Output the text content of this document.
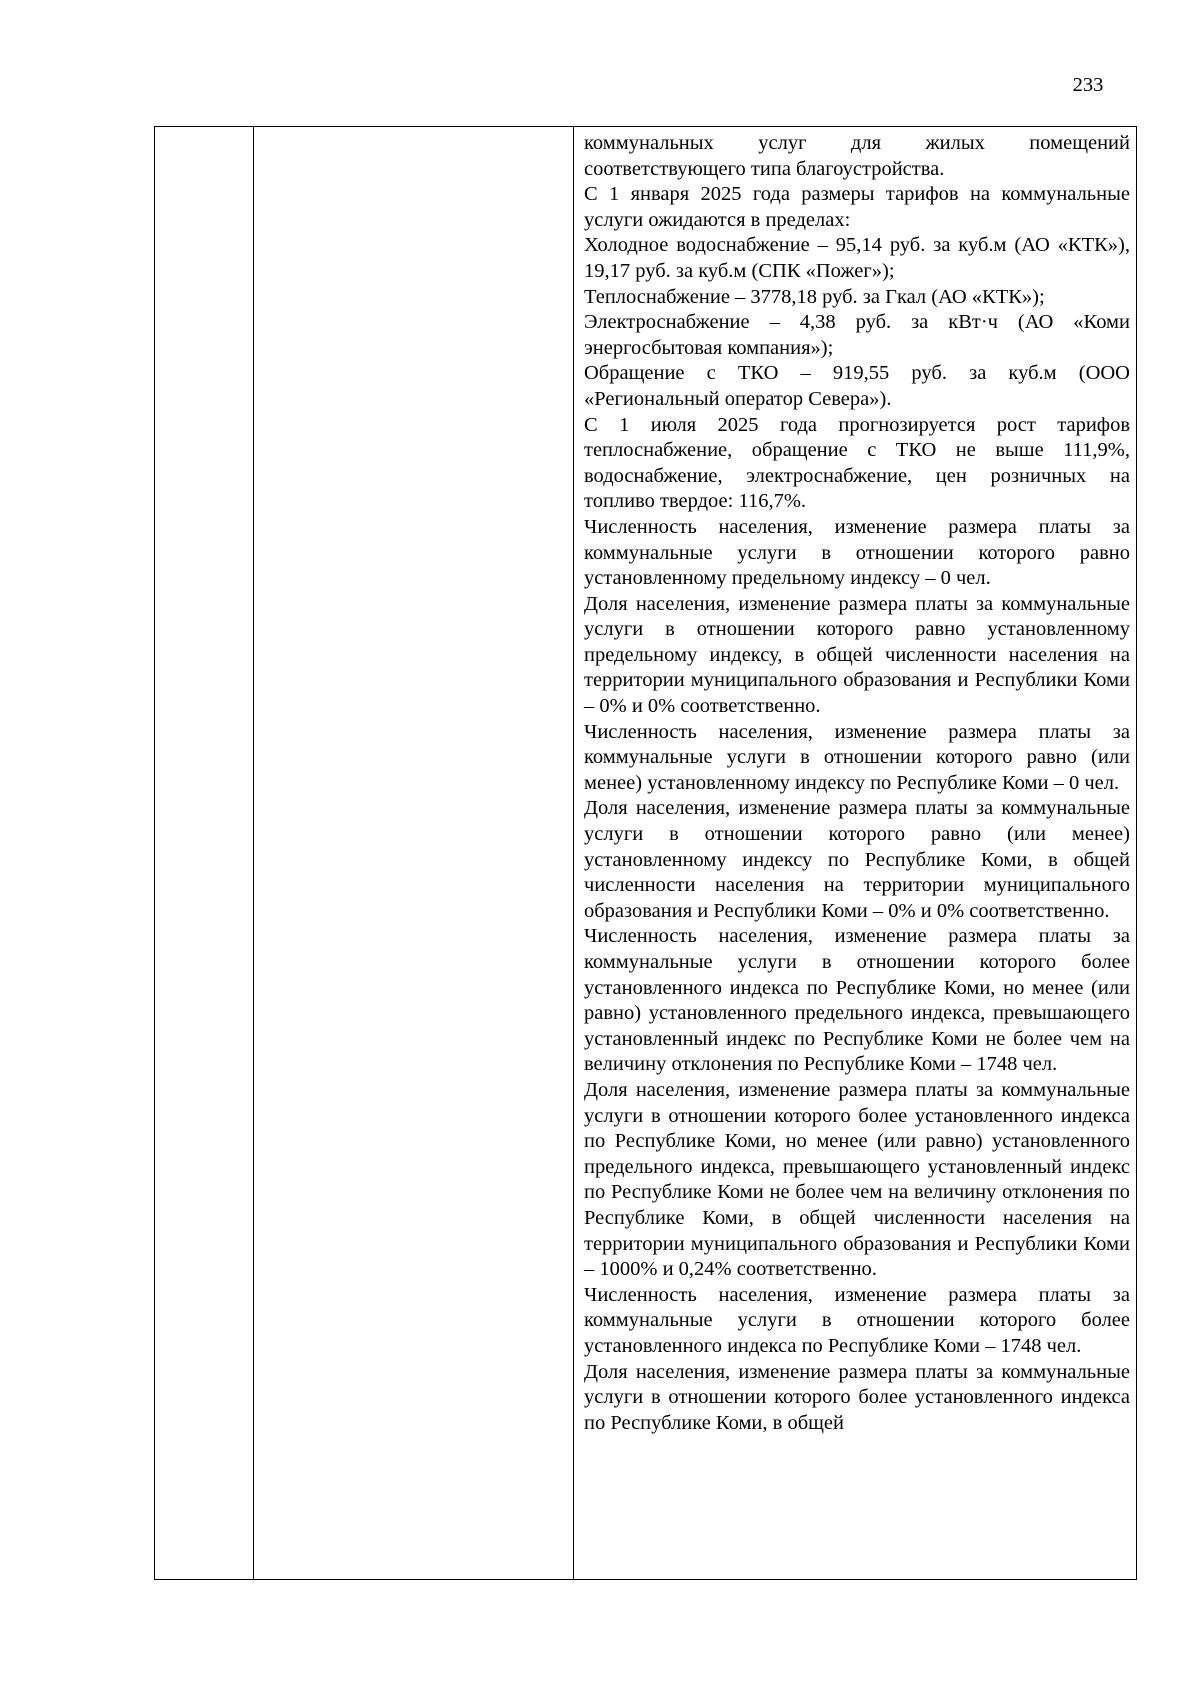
233

коммунальных услуг для жилых помещений соответствующего типа благоустройства.

С 1 января 2025 года размеры тарифов на коммунальные услуги ожидаются в пределах:

Холодное водоснабжение – 95,14 руб. за куб.м (АО «КТК»), 19,17 руб. за куб.м (СПК «Пожег»);

Теплоснабжение – 3778,18 руб. за Гкал (АО «КТК»);

Электроснабжение – 4,38 руб. за кВт·ч (АО «Коми энергосбытовая компания»);

Обращение с ТКО – 919,55 руб. за куб.м (ООО «Региональный оператор Севера»).

С 1 июля 2025 года прогнозируется рост тарифов теплоснабжение, обращение с ТКО не выше 111,9%, водоснабжение, электроснабжение, цен розничных на топливо твердое: 116,7%.

Численность населения, изменение размера платы за коммунальные услуги в отношении которого равно установленному предельному индексу – 0 чел.

Доля населения, изменение размера платы за коммунальные услуги в отношении которого равно установленному предельному индексу, в общей численности населения на территории муниципального образования и Республики Коми – 0% и 0% соответственно.

Численность населения, изменение размера платы за коммунальные услуги в отношении которого равно (или менее) установленному индексу по Республике Коми – 0 чел.

Доля населения, изменение размера платы за коммунальные услуги в отношении которого равно (или менее) установленному индексу по Республике Коми, в общей численности населения на территории муниципального образования и Республики Коми – 0% и 0% соответственно.

Численность населения, изменение размера платы за коммунальные услуги в отношении которого более установленного индекса по Республике Коми, но менее (или равно) установленного предельного индекса, превышающего установленный индекс по Республике Коми не более чем на величину отклонения по Республике Коми – 1748 чел.

Доля населения, изменение размера платы за коммунальные услуги в отношении которого более установленного индекса по Республике Коми, но менее (или равно) установленного предельного индекса, превышающего установленный индекс по Республике Коми не более чем на величину отклонения по Республике Коми, в общей численности населения на территории муниципального образования и Республики Коми – 1000% и 0,24% соответственно.

Численность населения, изменение размера платы за коммунальные услуги в отношении которого более установленного индекса по Республике Коми – 1748 чел.

Доля населения, изменение размера платы за коммунальные услуги в отношении которого более установленного индекса по Республике Коми, в общей
